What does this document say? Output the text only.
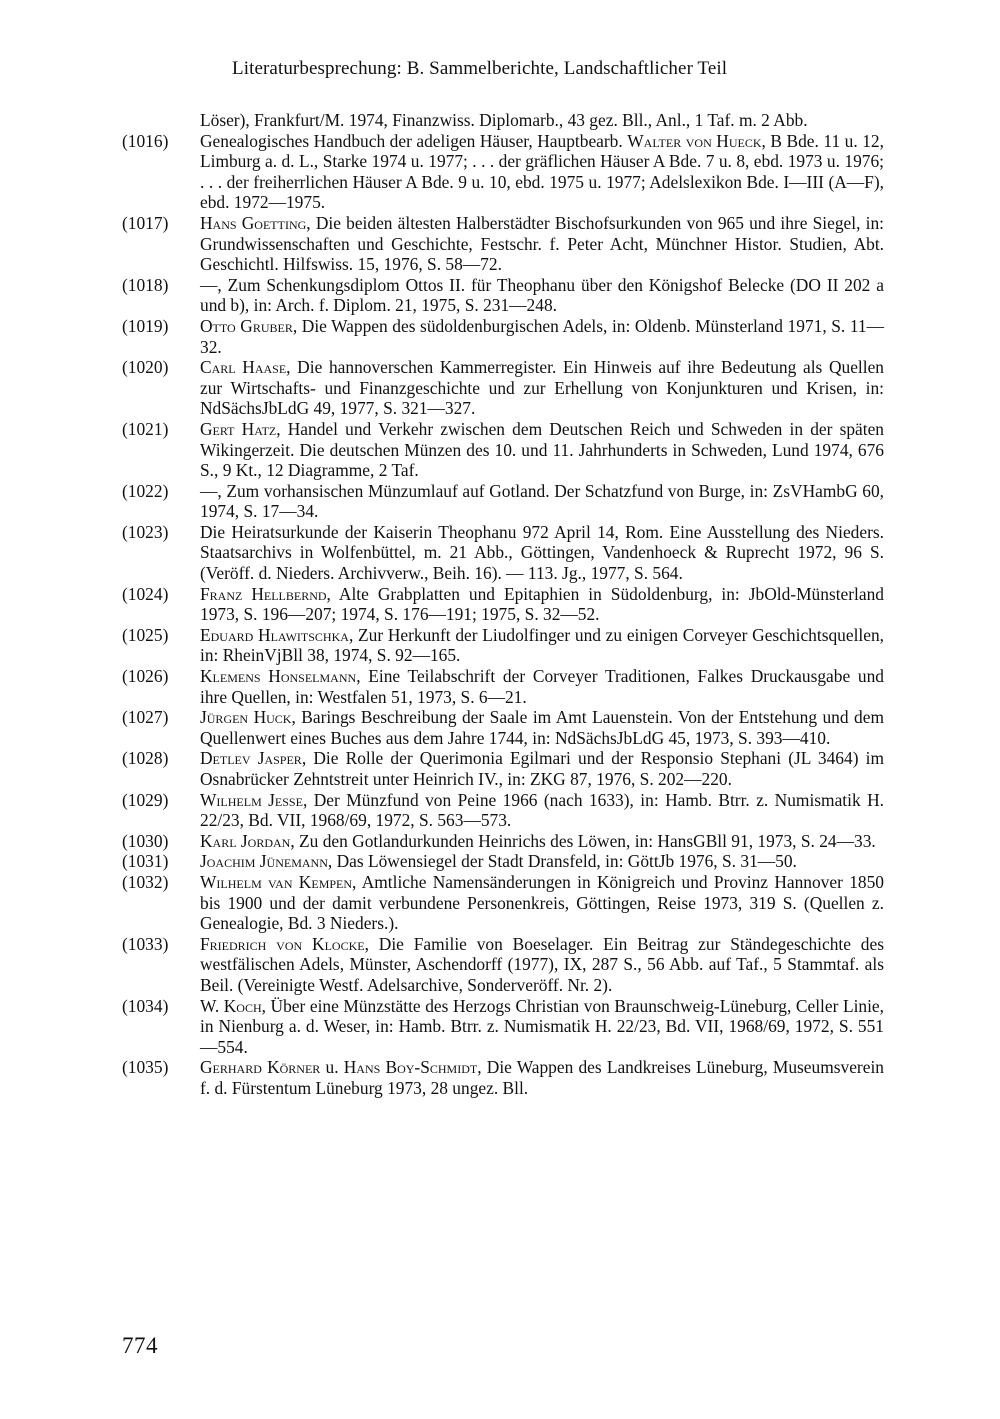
Literaturbesprechung: B. Sammelberichte, Landschaftlicher Teil
Löser), Frankfurt/M. 1974, Finanzwiss. Diplomarb., 43 gez. Bll., Anl., 1 Taf. m. 2 Abb.
(1016) Genealogisches Handbuch der adeligen Häuser, Hauptbearb. Walter von Hueck, B Bde. 11 u. 12, Limburg a. d. L., Starke 1974 u. 1977; . . . der gräflichen Häuser A Bde. 7 u. 8, ebd. 1973 u. 1976; . . . der freiherrlichen Häuser A Bde. 9 u. 10, ebd. 1975 u. 1977; Adelslexikon Bde. I—III (A—F), ebd. 1972—1975.
(1017) Hans Goetting, Die beiden ältesten Halberstädter Bischofsurkunden von 965 und ihre Siegel, in: Grundwissenschaften und Geschichte, Festschr. f. Peter Acht, Münchner Histor. Studien, Abt. Geschichtl. Hilfswiss. 15, 1976, S. 58—72.
(1018) —, Zum Schenkungsdiplom Ottos II. für Theophanu über den Königshof Belecke (DO II 202 a und b), in: Arch. f. Diplom. 21, 1975, S. 231—248.
(1019) Otto Gruber, Die Wappen des südoldenburgischen Adels, in: Oldenb. Münsterland 1971, S. 11—32.
(1020) Carl Haase, Die hannoverschen Kammerregister. Ein Hinweis auf ihre Bedeutung als Quellen zur Wirtschafts- und Finanzgeschichte und zur Erhellung von Konjunkturen und Krisen, in: NdSächsJbLdG 49, 1977, S. 321—327.
(1021) Gert Hatz, Handel und Verkehr zwischen dem Deutschen Reich und Schweden in der späten Wikingerzeit. Die deutschen Münzen des 10. und 11. Jahrhunderts in Schweden, Lund 1974, 676 S., 9 Kt., 12 Diagramme, 2 Taf.
(1022) —, Zum vorhansischen Münzumlauf auf Gotland. Der Schatzfund von Burge, in: ZsVHambG 60, 1974, S. 17—34.
(1023) Die Heiratsurkunde der Kaiserin Theophanu 972 April 14, Rom. Eine Ausstellung des Nieders. Staatsarchivs in Wolfenbüttel, m. 21 Abb., Göttingen, Vandenhoeck & Ruprecht 1972, 96 S. (Veröff. d. Nieders. Archivverw., Beih. 16). — 113. Jg., 1977, S. 564.
(1024) Franz Hellbernd, Alte Grabplatten und Epitaphien in Südoldenburg, in: JbOld-Münsterland 1973, S. 196—207; 1974, S. 176—191; 1975, S. 32—52.
(1025) Eduard Hlawitschka, Zur Herkunft der Liudolfinger und zu einigen Corveyer Geschichtsquellen, in: RheinVjBll 38, 1974, S. 92—165.
(1026) Klemens Honselmann, Eine Teilabschrift der Corveyer Traditionen, Falkes Druckausgabe und ihre Quellen, in: Westfalen 51, 1973, S. 6—21.
(1027) Jürgen Huck, Barings Beschreibung der Saale im Amt Lauenstein. Von der Entstehung und dem Quellenwert eines Buches aus dem Jahre 1744, in: NdSächsJbLdG 45, 1973, S. 393—410.
(1028) Detlev Jasper, Die Rolle der Querimonia Egilmari und der Responsio Stephani (JL 3464) im Osnabrücker Zehntstreit unter Heinrich IV., in: ZKG 87, 1976, S. 202—220.
(1029) Wilhelm Jesse, Der Münzfund von Peine 1966 (nach 1633), in: Hamb. Btrr. z. Numismatik H. 22/23, Bd. VII, 1968/69, 1972, S. 563—573.
(1030) Karl Jordan, Zu den Gotlandurkunden Heinrichs des Löwen, in: HansGBll 91, 1973, S. 24—33.
(1031) Joachim Jünemann, Das Löwensiegel der Stadt Dransfeld, in: GöttJb 1976, S. 31—50.
(1032) Wilhelm van Kempen, Amtliche Namensänderungen in Königreich und Provinz Hannover 1850 bis 1900 und der damit verbundene Personenkreis, Göttingen, Reise 1973, 319 S. (Quellen z. Genealogie, Bd. 3 Nieders.).
(1033) Friedrich von Klocke, Die Familie von Boeselager. Ein Beitrag zur Ständegeschichte des westfälischen Adels, Münster, Aschendorff (1977), IX, 287 S., 56 Abb. auf Taf., 5 Stammtaf. als Beil. (Vereinigte Westf. Adelsarchive, Sonderveröff. Nr. 2).
(1034) W. Koch, Über eine Münzstätte des Herzogs Christian von Braunschweig-Lüneburg, Celler Linie, in Nienburg a. d. Weser, in: Hamb. Btrr. z. Numismatik H. 22/23, Bd. VII, 1968/69, 1972, S. 551—554.
(1035) Gerhard Körner u. Hans Boy-Schmidt, Die Wappen des Landkreises Lüneburg, Museumsverein f. d. Fürstentum Lüneburg 1973, 28 ungez. Bll.
774
